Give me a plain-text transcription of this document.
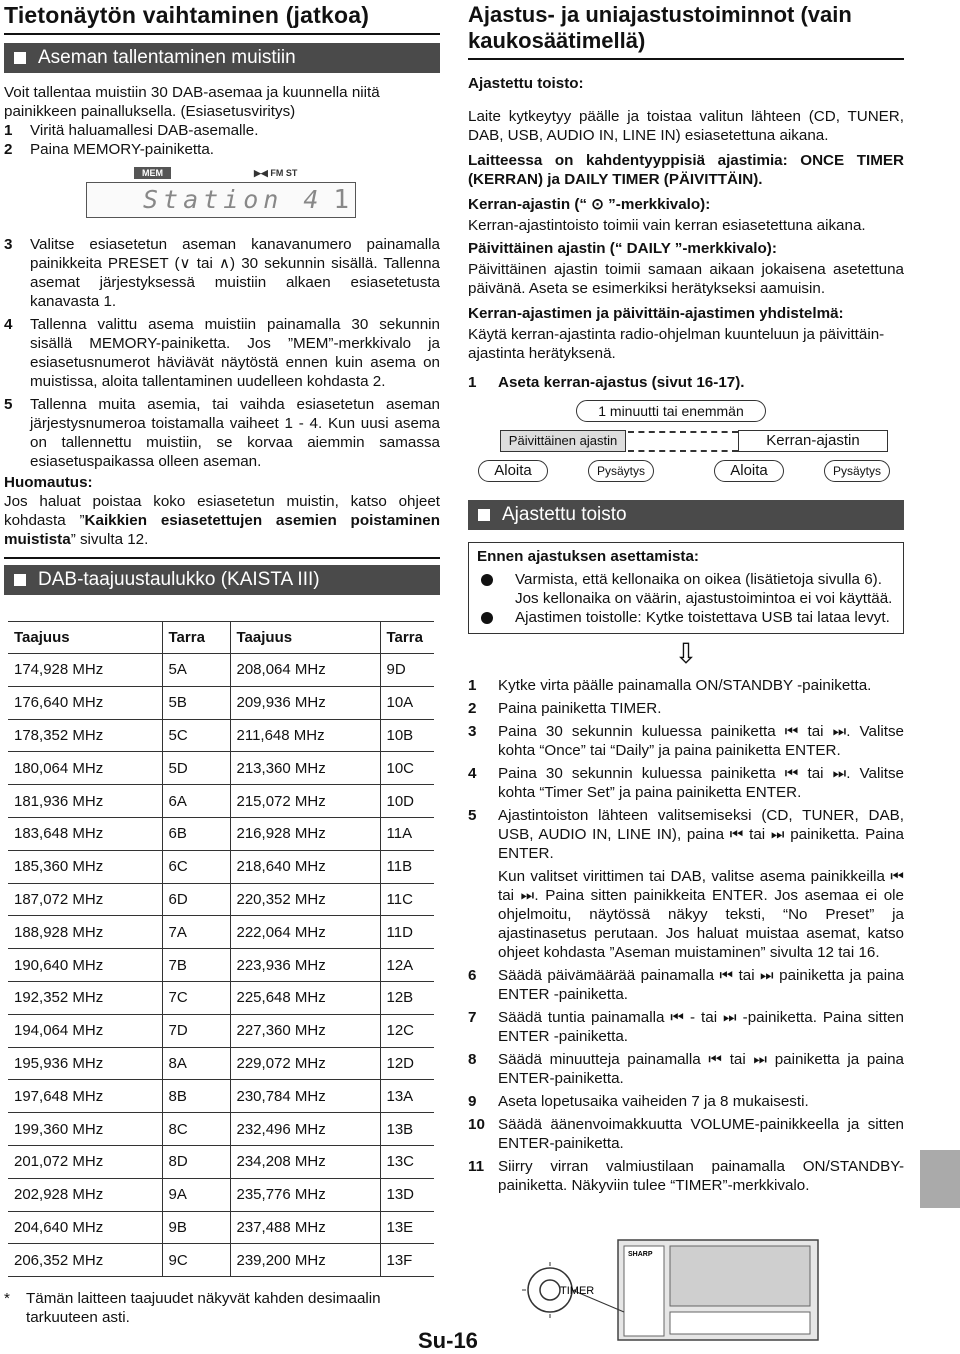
Tietonäytön vaihtaminen (jatkoa)
Aseman tallentaminen muistiin

Voit tallentaa muistiin 30 DAB-asemaa ja kuunnella niitä painikkeen painalluksella. (Esiasetusviritys)

1	Viritä haluamallesi DAB-asemalle.
2	Paina MEMORY-painiketta.
MEM	▶◀ FM ST
Station 4 1
3	Valitse esiasetetun aseman kanavanumero painamalla painikkeita PRESET (∨ tai ∧) 30 sekunnin sisällä. Tallenna asemat järjestyksessä muistiin alkaen esiasetetusta kanavasta 1.
4	Tallenna valittu asema muistiin painamalla 30 sekunnin sisällä MEMORY-painiketta. Jos ”MEM”-merkkivalo ja esiasetusnumerot häviävät näytöstä ennen kuin asema on muistissa, aloita tallentaminen uudelleen kohdasta 2.
5	Tallenna muita asemia, tai vaihda esiasetetun aseman järjestysnumeroa toistamalla vaiheet 1 - 4. Kun uusi asema on tallennettu muistiin, se korvaa aiemmin samassa esiasetuspaikassa olleen aseman.

Huomautus:

Jos haluat poistaa koko esiasetetun muistin, katso ohjeet kohdasta ”Kaikkien esiasetettujen asemien poistaminen muistista” sivulta 12.

DAB-taajuustaulukko (KAISTA III)
Taajuus	Tarra	Taajuus	Tarra
174,928 MHz	5A	208,064 MHz	9D
176,640 MHz	5B	209,936 MHz	10A
178,352 MHz	5C	211,648 MHz	10B
180,064 MHz	5D	213,360 MHz	10C
181,936 MHz	6A	215,072 MHz	10D
183,648 MHz	6B	216,928 MHz	11A
185,360 MHz	6C	218,640 MHz	11B
187,072 MHz	6D	220,352 MHz	11C
188,928 MHz	7A	222,064 MHz	11D
190,640 MHz	7B	223,936 MHz	12A
192,352 MHz	7C	225,648 MHz	12B
194,064 MHz	7D	227,360 MHz	12C
195,936 MHz	8A	229,072 MHz	12D
197,648 MHz	8B	230,784 MHz	13A
199,360 MHz	8C	232,496 MHz	13B
201,072 MHz	8D	234,208 MHz	13C
202,928 MHz	9A	235,776 MHz	13D
204,640 MHz	9B	237,488 MHz	13E
206,352 MHz	9C	239,200 MHz	13F
*	Tämän laitteen taajuudet näkyvät kahden desimaalin tarkuuteen asti.
Ajastus- ja uniajastustoiminnot (vain kaukosäätimellä)

Ajastettu toisto:

Laite kytkeytyy päälle ja toistaa valitun lähteen (CD, TUNER, DAB, USB, AUDIO IN, LINE IN) esiasetettuna aikana.

Laitteessa on kahdentyyppisiä ajastimia: ONCE TIMER (KERRAN) ja DAILY TIMER (PÄIVITTÄIN).

Kerran-ajastin (“ ⊙ ”-merkkivalo):

Kerran-ajastintoisto toimii vain kerran esiasetettuna aikana.

Päivittäinen ajastin (“ DAILY ”-merkkivalo):

Päivittäinen ajastin toimii samaan aikaan jokaisena asetettuna päivänä. Aseta se esimerkiksi herätykseksi aamuisin.

Kerran-ajastimen ja päivittäin-ajastimen yhdistelmä:

Käytä kerran-ajastinta radio-ohjelman kuunteluun ja päivittäin-ajastinta herätyksenä.

1	Aseta kerran-ajastus (sivut 16-17).
1 minuutti tai enemmän
Päivittäinen ajastin	Kerran-ajastin
Aloita	Pysäytys	Aloita	Pysäytys
Ajastettu toisto

Ennen ajastuksen asettamista:

Varmista, että kellonaika on oikea (lisätietoja sivulla 6). Jos kellonaika on väärin, ajastustoimintoa ei voi käyttää.
Ajastimen toistolle: Kytke toistettava USB tai lataa levyt.
⇩
1	Kytke virta päälle painamalla ON/STANDBY -painiketta.
2	Paina painiketta TIMER.
3	Paina 30 sekunnin kuluessa painiketta ⏮ tai ⏭. Valitse kohta “Once” tai “Daily” ja paina painiketta ENTER.
4	Paina 30 sekunnin kuluessa painiketta ⏮ tai ⏭. Valitse kohta “Timer Set” ja paina painiketta ENTER.
5	Ajastintoiston lähteen valitsemiseksi (CD, TUNER, DAB, USB, AUDIO IN, LINE IN), paina ⏮ tai ⏭ painiketta. Paina ENTER.
Kun valitset virittimen tai DAB, valitse asema painikkeilla ⏮ tai ⏭. Paina sitten painikkeita ENTER. Jos asemaa ei ole ohjelmoitu, näytössä näkyy teksti, “No Preset” ja ajastinasetus perutaan. Jos haluat muistaa asemat, katso ohjeet kohdasta ”Aseman muistaminen” sivulta 12 tai 16.
6	Säädä päivämäärää painamalla ⏮ tai ⏭ painiketta ja paina ENTER -painiketta.
7	Säädä tuntia painamalla ⏮ - tai ⏭ -painiketta. Paina sitten ENTER -painiketta.
8	Säädä minuutteja painamalla ⏮ tai ⏭ painiketta ja paina ENTER-painiketta.
9	Aseta lopetusaika vaiheiden 7 ja 8 mukaisesti.
10 Säädä äänenvoimakkuutta VOLUME-painikkeella ja sitten ENTER-painiketta.
11 Siirry virran valmiustilaan painamalla ON/STANDBY-painiketta. Näkyviin tulee “TIMER”-merkkivalo.
SHARP
TIMER
Su-16
